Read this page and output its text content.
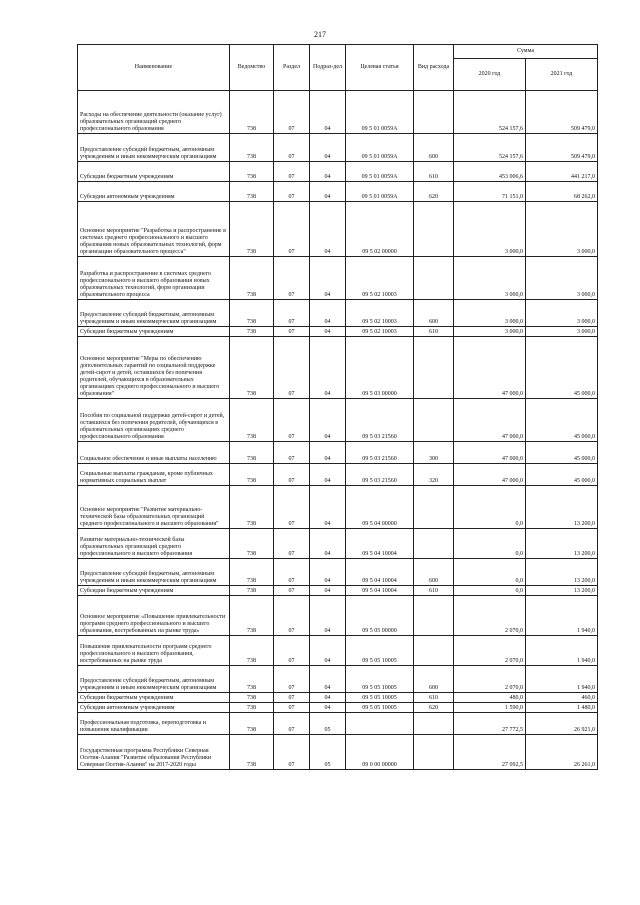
217
Наименование	Ведомство	Раздел	Подраз-дел	Целевая статья	Вид расхода	Сумма	
						2020 год	2021 год
Расходы на обеспечение деятельности (оказание услуг) образовательных организаций среднего профессионального образования	738	07	04	09 5 01 0059А		524 157,6	509 479,0
Предоставление субсидий бюджетным, автономным учреждениям и иным некоммерческим организациям	738	07	04	09 5 01 0059А	600	524 157,6	509 479,0
Субсидии бюджетным учреждениям	738	07	04	09 5 01 0059А	610	453 006,6	441 217,0
Субсидии автономным учреждениям	738	07	04	09 5 01 0059А	620	71 151,0	68 262,0
Основное мероприятие "Разработка и распространение в системах среднего профессионального и высшего образования новых образовательных технологий, форм организации образовательного процесса"	738	07	04	09 5 02 00000		3 000,0	3 000,0
Разработка и распространение в системах среднего профессионального и высшего образования новых образовательных технологий, форм организации образовательного процесса	738	07	04	09 5 02 10003		3 000,0	3 000,0
Предоставление субсидий бюджетным, автономным учреждениям и иным некоммерческим организациям	738	07	04	09 5 02 10003	600	3 000,0	3 000,0
Субсидии бюджетным учреждениям	738	07	04	09 5 02 10003	610	3 000,0	3 000,0
Основное мероприятие "Меры по обеспечению дополнительных гарантий по социальной поддержке детей-сирот и детей, оставшихся без попечения родителей, обучающихся в образовательных организациях среднего профессионального и высшего образования"	738	07	04	09 5 03 00000		47 000,0	45 000,0
Пособия по социальной поддержке детей-сирот и детей, оставшихся без попечения родителей, обучающихся в образовательных организациях среднего профессионального образования	738	07	04	09 5 03 21560		47 000,0	45 000,0
Социальное обеспечение и иные выплаты населению	738	07	04	09 5 03 21560	300	47 000,0	45 000,0
Социальные выплаты гражданам, кроме публичных нормативных социальных выплат	738	07	04	09 5 03 21560	320	47 000,0	45 000,0
Основное мероприятие "Развитие материально-технической базы образовательных организаций среднего профессионального и высшего образования"	738	07	04	09 5 04 00000		0,0	13 200,0
Развитие материально-технической базы образовательных организаций среднего профессионального и высшего образования	738	07	04	09 5 04 10004		0,0	13 200,0
Предоставление субсидий бюджетным, автономным учреждениям и иным некоммерческим организациям	738	07	04	09 5 04 10004	600	0,0	13 200,0
Субсидии бюджетным учреждениям	738	07	04	09 5 04 10004	610	0,0	13 200,0
Основное мероприятие «Повышение привлекательности программ среднего профессионального и высшего образования, востребованных на рынке труда»	738	07	04	09 5 05 00000		2 070,0	1 940,0
Повышение привлекательности программ среднего профессионального и высшего образования, востребованных на рынке труда	738	07	04	09 5 05 10005		2 070,0	1 940,0
Предоставление субсидий бюджетным, автономным учреждениям и иным некоммерческим организациям	738	07	04	09 5 05 10005	600	2 070,0	1 940,0
Субсидии бюджетным учреждениям	738	07	04	09 5 05 10005	610	480,0	460,0
Субсидии автономным учреждениям	738	07	04	09 5 05 10005	620	1 590,0	1 480,0
Профессиональная подготовка, переподготовка и повышение квалификации	738	07	05			27 772,5	26 921,0
Государственная программа Республики Северная Осетия-Алания "Развитие образования Республики Северная Осетия-Алания" на 2017-2020 годы	738	07	05	09 0 00 00000		27 092,5	26 261,0
